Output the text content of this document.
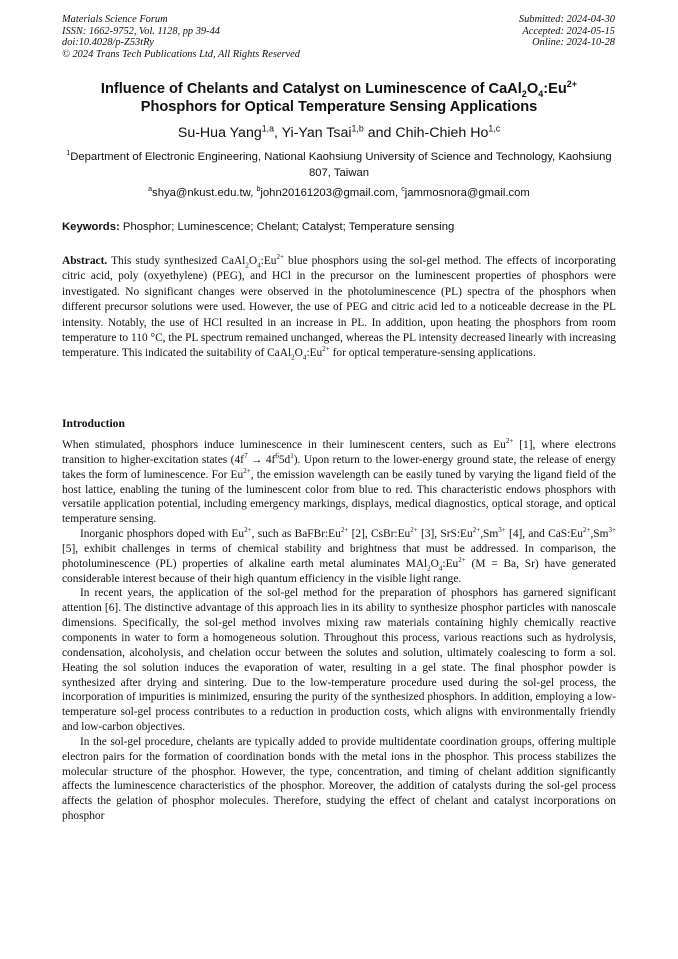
Materials Science Forum
ISSN: 1662-9752, Vol. 1128, pp 39-44
doi:10.4028/p-Z53tRy
© 2024 Trans Tech Publications Ltd, All Rights Reserved
Submitted: 2024-04-30
Accepted: 2024-05-15
Online: 2024-10-28
Influence of Chelants and Catalyst on Luminescence of $CaAl_2O_4:Eu^{2+}$
Phosphors for Optical Temperature Sensing Applications
Su-Hua Yang$^{1,a}$, Yi-Yan Tsai$^{1,b}$ and Chih-Chieh Ho$^{1,c}$
$^1$Department of Electronic Engineering, National Kaohsiung University of Science and Technology, Kaohsiung 807, Taiwan
$^a$shya@nkust.edu.tw, $^b$john20161203@gmail.com, $^c$jammosnora@gmail.com
Keywords: Phosphor; Luminescence; Chelant; Catalyst; Temperature sensing
Abstract. This study synthesized $CaAl_2O_4:Eu^{2+}$ blue phosphors using the sol-gel method. The effects of incorporating citric acid, poly (oxyethylene) (PEG), and HCl in the precursor on the luminescent properties of phosphors were investigated. No significant changes were observed in the photoluminescence (PL) spectra of the phosphors when different precursor solutions were used. However, the use of PEG and citric acid led to a noticeable decrease in the PL intensity. Notably, the use of HCl resulted in an increase in PL. In addition, upon heating the phosphors from room temperature to 110 °C, the PL spectrum remained unchanged, whereas the PL intensity decreased linearly with increasing temperature. This indicated the suitability of $CaAl_2O_4:Eu^{2+}$ for optical temperature-sensing applications.
Introduction

When stimulated, phosphors induce luminescence in their luminescent centers, such as $Eu^{2+}$ [1], where electrons transition to higher-excitation states $(4f^7 \to 4f^65d^1)$. Upon return to the lower-energy ground state, the release of energy takes the form of luminescence. For $Eu^{2+}$, the emission wavelength can be easily tuned by varying the ligand field of the host lattice, enabling the tuning of the luminescent color from blue to red. This characteristic endows phosphors with versatile application potential, including emergency markings, displays, medical diagnostics, optical storage, and optical temperature sensing.

Inorganic phosphors doped with $Eu^{2+}$, such as $BaFBr:Eu^{2+}$ [2], $CsBr:Eu^{2+}$ [3], $SrS:Eu^{2+},Sm^{3+}$ [4], and $CaS:Eu^{2+},Sm^{3+}$ [5], exhibit challenges in terms of chemical stability and brightness that must be addressed. In comparison, the photoluminescence (PL) properties of alkaline earth metal aluminates $MAl_2O_4:Eu^{2+}$ (M = Ba, Sr) have generated considerable interest because of their high quantum efficiency in the visible light range.

In recent years, the application of the sol-gel method for the preparation of phosphors has garnered significant attention [6]. The distinctive advantage of this approach lies in its ability to synthesize phosphor particles with nanoscale dimensions. Specifically, the sol-gel method involves mixing raw materials containing highly chemically reactive components in water to form a homogeneous solution. Throughout this process, various reactions such as hydrolysis, condensation, alcoholysis, and chelation occur between the solutes and solution, ultimately coalescing to form a sol. Heating the sol solution induces the evaporation of water, resulting in a gel state. The final phosphor powder is synthesized after drying and sintering. Due to the low-temperature procedure used during the sol-gel process, the incorporation of impurities is minimized, ensuring the purity of the synthesized phosphors. In addition, employing a low-temperature sol-gel process contributes to a reduction in production costs, which aligns with environmentally friendly and low-carbon objectives.

In the sol-gel procedure, chelants are typically added to provide multidentate coordination groups, offering multiple electron pairs for the formation of coordination bonds with the metal ions in the phosphor. This process stabilizes the molecular structure of the phosphor. However, the type, concentration, and timing of chelant addition significantly affects the luminescence characteristics of the phosphor. Moreover, the addition of catalysts during the sol-gel process affects the gelation of phosphor molecules. Therefore, studying the effect of chelant and catalyst incorporations on phosphor
